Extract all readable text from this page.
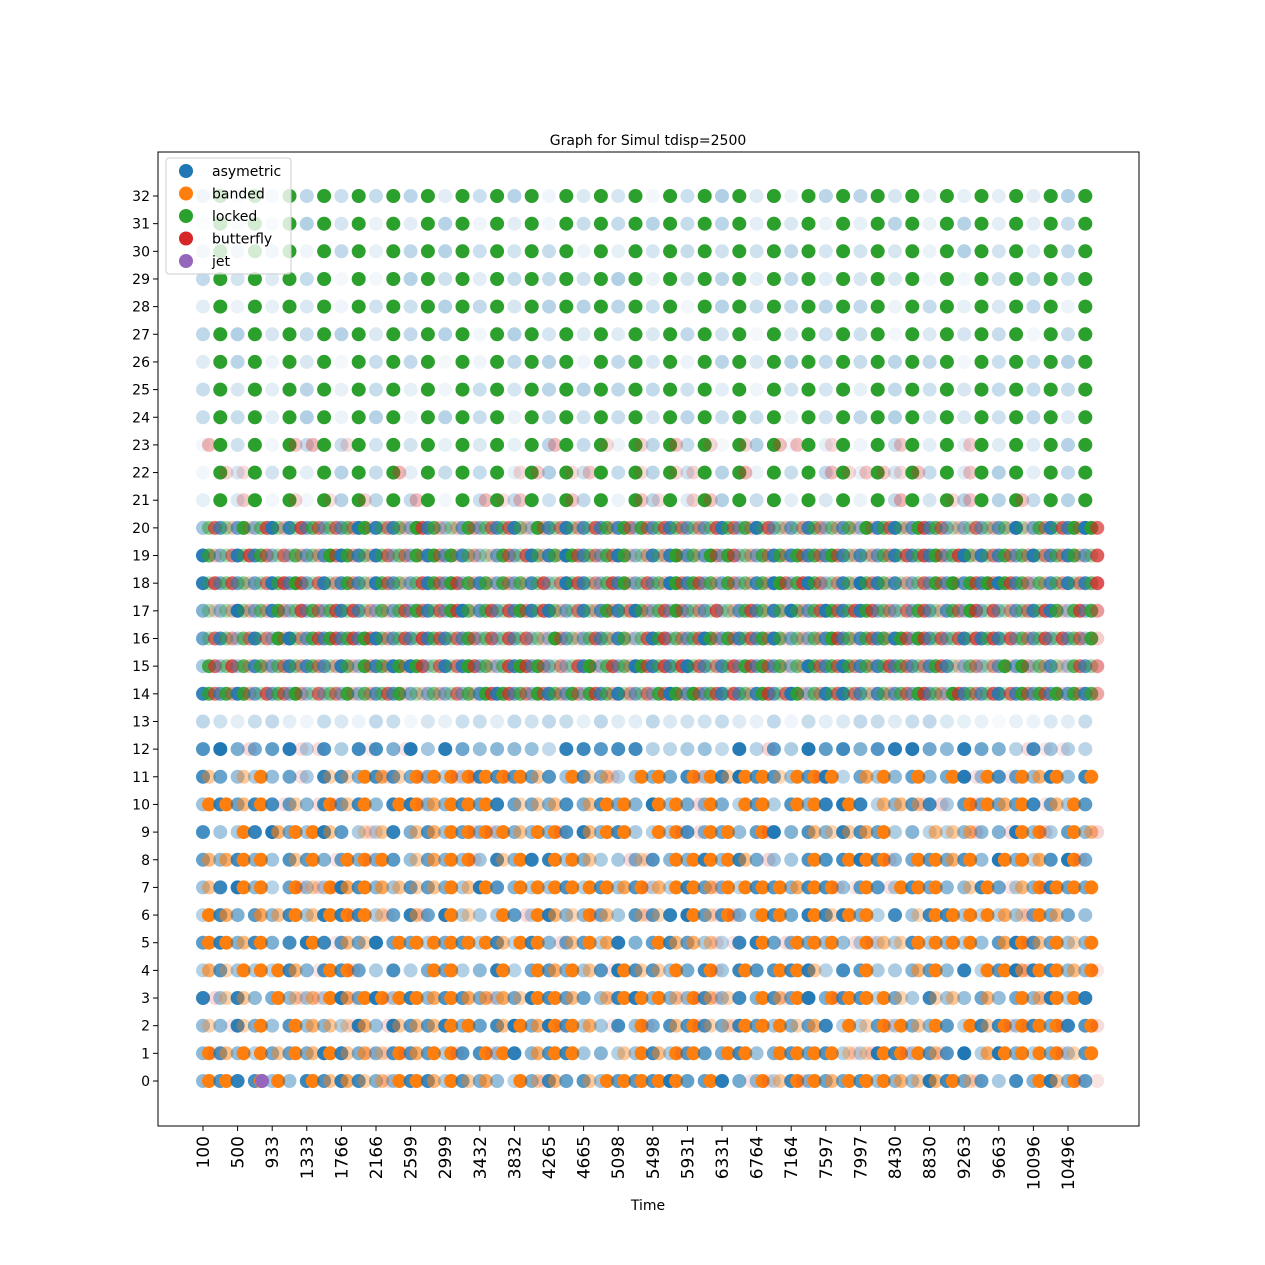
Graph for Simul tdisp=2500
0
1
2
3
4
5
6
7
8
9
10
11
12
13
14
15
16
17
18
19
20
21
22
23
24
25
26
27
28
29
30
31
32
100 500 933 1333 1766 2166 2599 2999 3432 3832 4265 4665 5098 5498 5931 6331 6764 7164 7597 7997 8430 8830 9263 9663 10096 10496
Time
asymetric
banded
locked
butterfly
jet
